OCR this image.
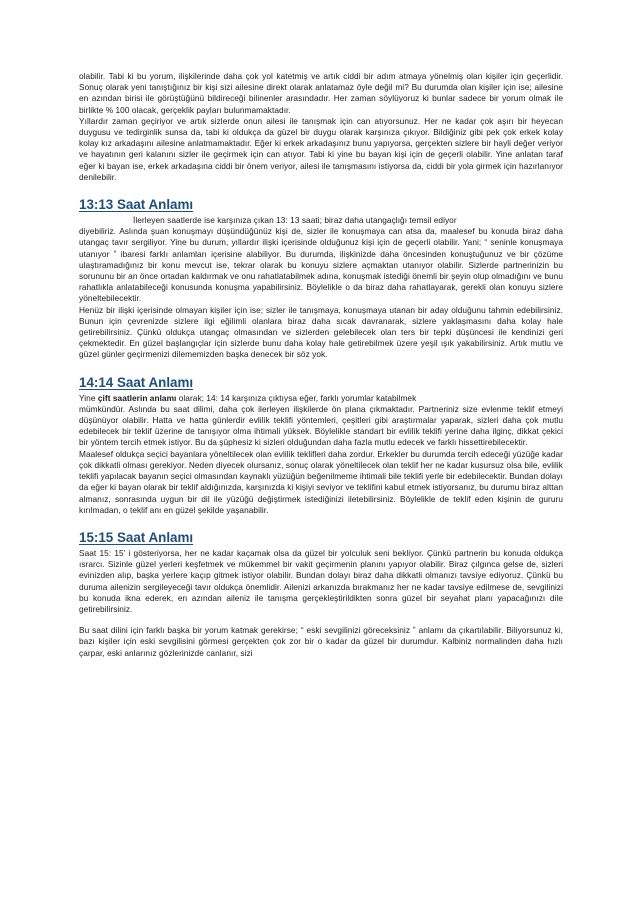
olabilir. Tabi ki bu yorum, ilişkilerinde daha çok yol katetmiş ve artık ciddi bir adım atmaya yönelmiş olan kişiler için geçerlidir. Sonuç olarak yeni tanıştığınız bir kişi sizi ailesine direkt olarak anlatamaz öyle değil mi? Bu durumda olan kişiler için ise; ailesine en azından birisi ile görüştüğünü bildireceği bilinenler arasındadır. Her zaman söylüyoruz ki bunlar sadece bir yorum olmak ile birlikte % 100 olacak, gerçeklik payları bulunmamaktadır.
Yıllardır zaman geçiriyor ve artık sizlerde onun ailesi ile tanışmak için can atıyorsunuz. Her ne kadar çok aşırı bir heyecan duygusu ve tedirginlik sunsa da, tabi ki oldukça da güzel bir duygu olarak karşınıza çıkıyor. Bildiğiniz gibi pek çok erkek kolay kolay kız arkadaşını ailesine anlatmamaktadır. Eğer ki erkek arkadaşınız bunu yapıyorsa, gerçekten sizlere bir hayli değer veriyor ve hayatının geri kalanını sizler ile geçirmek için can atıyor. Tabi ki yine bu bayan kişi için de geçerli olabilir. Yine anlatan taraf eğer ki bayan ise, erkek arkadaşına ciddi bir önem veriyor, ailesi ile tanışmasını istiyorsa da, ciddi bir yola girmek için hazırlanıyor denilebilir.

13:13 Saat Anlamı

İlerleyen saatlerde ise karşınıza çıkan 13: 13 saati; biraz daha utangaçlığı temsil ediyor

diyebiliriz. Aslında şuan konuşmayı düşündüğünüz kişi de, sizler ile konuşmaya can atsa da, maalesef bu konuda biraz daha utangaç tavır sergiliyor. Yine bu durum, yıllardır ilişki içerisinde olduğunuz kişi için de geçerli olabilir. Yani; “ seninle konuşmaya utanıyor ˮ ibaresi farklı anlamları içerisine alabiliyor. Bu durumda, ilişkinizde daha öncesinden konuştuğunuz ve bir çözüme ulaştıramadığınız bir konu mevcut ise, tekrar olarak bu konuyu sizlere açmaktan utanıyor olabilir. Sizlerde partnerinizin bu sorununu bir an önce ortadan kaldırmak ve onu rahatlatabilmek adına, konuşmak istediği önemli bir şeyin olup olmadığını ve bunu rahatlıkla anlatabileceği konusunda konuşma yapabilirsiniz. Böylelikle o da biraz daha rahatlayarak, gerekli olan konuyu sizlere yöneltebilecektir.
Henüz bir ilişki içerisinde olmayan kişiler için ise; sizler ile tanışmaya, konuşmaya utanan bir aday olduğunu tahmin edebilirsiniz. Bunun için çevrenizde sizlere ilgi eğilimli olanlara biraz daha sıcak davranarak, sizlere yaklaşmasını daha kolay hale getirebilirsiniz. Çünkü oldukça utangaç olmasından ve sizlerden gelebilecek olan ters bir tepki düşüncesi ile kendinizi geri çekmektedir. En güzel başlangıçlar için sizlerde bunu daha kolay hale getirebilmek üzere yeşil ışık yakabilirsiniz. Artık mutlu ve güzel günler geçirmenizi dilememizden başka denecek bir söz yok.

14:14 Saat Anlamı

Yine çift saatlerin anlamı olarak; 14: 14 karşınıza çıktıysa eğer, farklı yorumlar katabilmek

mümkündür. Aslında bu saat dilimi, daha çok ilerleyen ilişkilerde ön plana çıkmaktadır. Partneriniz size evlenme teklif etmeyi düşünüyor olabilir. Hatta ve hatta günlerdir evlilik teklifi yöntemleri, çeşitleri gibi araştırmalar yaparak, sizleri daha çok mutlu edebilecek bir teklif üzerine de tanışıyor olma ihtimali yüksek. Böylelikle standart bir evlilik teklifi yerine daha ilginç, dikkat çekici bir yöntem tercih etmek istiyor. Bu da şüphesiz ki sizleri olduğundan daha fazla mutlu edecek ve farklı hissettirebilecektir.
Maalesef oldukça seçici bayanlara yöneltilecek olan evlilik teklifleri daha zordur. Erkekler bu durumda tercih edeceği yüzüğe kadar çok dikkatli olması gerekiyor. Neden diyecek olursanız, sonuç olarak yöneltilecek olan teklif her ne kadar kusursuz olsa bile, evlilik teklifi yapılacak bayanın seçici olmasından kaynaklı yüzüğün beğenilmeme ihtimali bile teklifi yerle bir edebilecektir. Bundan dolayı da eğer ki bayan olarak bir teklif aldığınızda, karşınızda ki kişiyi seviyor ve teklifini kabul etmek istiyorsanız, bu durumu biraz alttan almanız, sonrasında uygun bir dil ile yüzüğü değiştirmek istediğinizi iletebilirsiniz. Böylelikle de teklif eden kişinin de gururu kırılmadan, o teklif anı en güzel şekilde yaşanabilir.

15:15 Saat Anlamı

Saat 15: 15’ i gösteriyorsa, her ne kadar kaçamak olsa da güzel bir yolculuk seni bekliyor. Çünkü partnerin bu konuda oldukça ısrarcı. Sizinle güzel yerleri keşfetmek ve mükemmel bir vakit geçirmenin planını yapıyor olabilir. Biraz çılgınca gelse de, sizleri evinizden alıp, başka yerlere kaçıp gitmek istiyor olabilir. Bundan dolayı biraz daha dikkatli olmanızı tavsiye ediyoruz. Çünkü bu duruma ailenizin sergileyeceği tavır oldukça önemlidir. Ailenizi arkanızda bırakmanız her ne kadar tavsiye edilmese de, sevgilinizi bu konuda ikna ederek, en azından aileniz ile tanışma gerçekleştirildikten sonra güzel bir seyahat planı yapacağınızı dile getirebilirsiniz.

Bu saat dilini için farklı başka bir yorum katmak gerekirse; “ eski sevgilinizi göreceksiniz ˮ anlamı da çıkartılabilir. Biliyorsunuz ki, bazı kişiler için eski sevgilisini görmesi gerçekten çok zor bir o kadar da güzel bir durumdur. Kalbiniz normalinden daha hızlı çarpar, eski anlarınız gözlerinizde canlanır, sizi
